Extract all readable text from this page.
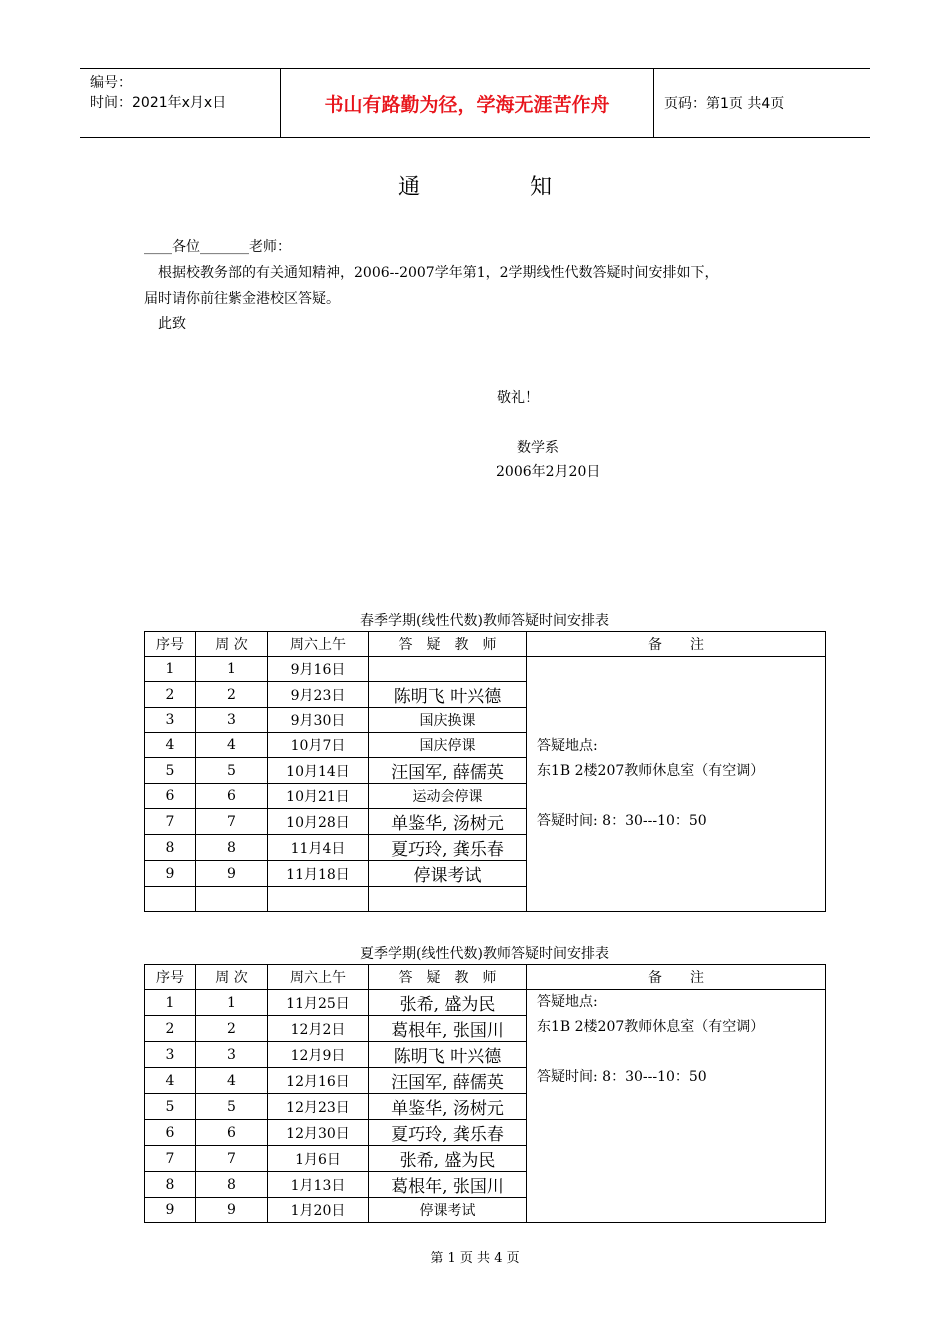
编号：
时间：2021年x月x日	书山有路勤为径，学海无涯苦作舟	页码：第1页 共4页
通	知
____各位_______老师：
根据校教务部的有关通知精神，2006--2007学年第1，2学期线性代数答疑时间安排如下，
届时请你前往紫金港校区答疑。
此致
敬礼！
数学系
2006年2月20日
春季学期(线性代数)教师答疑时间安排表
序号	周 次	周六上午	答　疑　教　师	备　　注
1	1	9月16日		答疑地点:
东1B 2楼207教师休息室（有空调）
答疑时间: 8：30---10：50

2	2	9月23日	陈明飞 叶兴德	
3	3	9月30日	国庆换课	
4	4	10月7日	国庆停课	
5	5	10月14日	汪国军, 薛儒英	
6	6	10月21日	运动会停课	
7	7	10月28日	单鉴华, 汤树元	
8	8	11月4日	夏巧玲, 龚乐春	
9	9	11月18日	停课考试	

夏季学期(线性代数)教师答疑时间安排表
序号	周 次	周六上午	答　疑　教　师	备　　注
1	1	11月25日	张希, 盛为民	答疑地点:
东1B 2楼207教师休息室（有空调）
答疑时间: 8：30---10：50

2	2	12月2日	葛根年, 张国川	
3	3	12月9日	陈明飞 叶兴德	
4	4	12月16日	汪国军, 薛儒英	
5	5	12月23日	单鉴华, 汤树元	
6	6	12月30日	夏巧玲, 龚乐春	
7	7	1月6日	张希, 盛为民	
8	8	1月13日	葛根年, 张国川	
9	9	1月20日	停课考试	
第 1 页 共 4 页
